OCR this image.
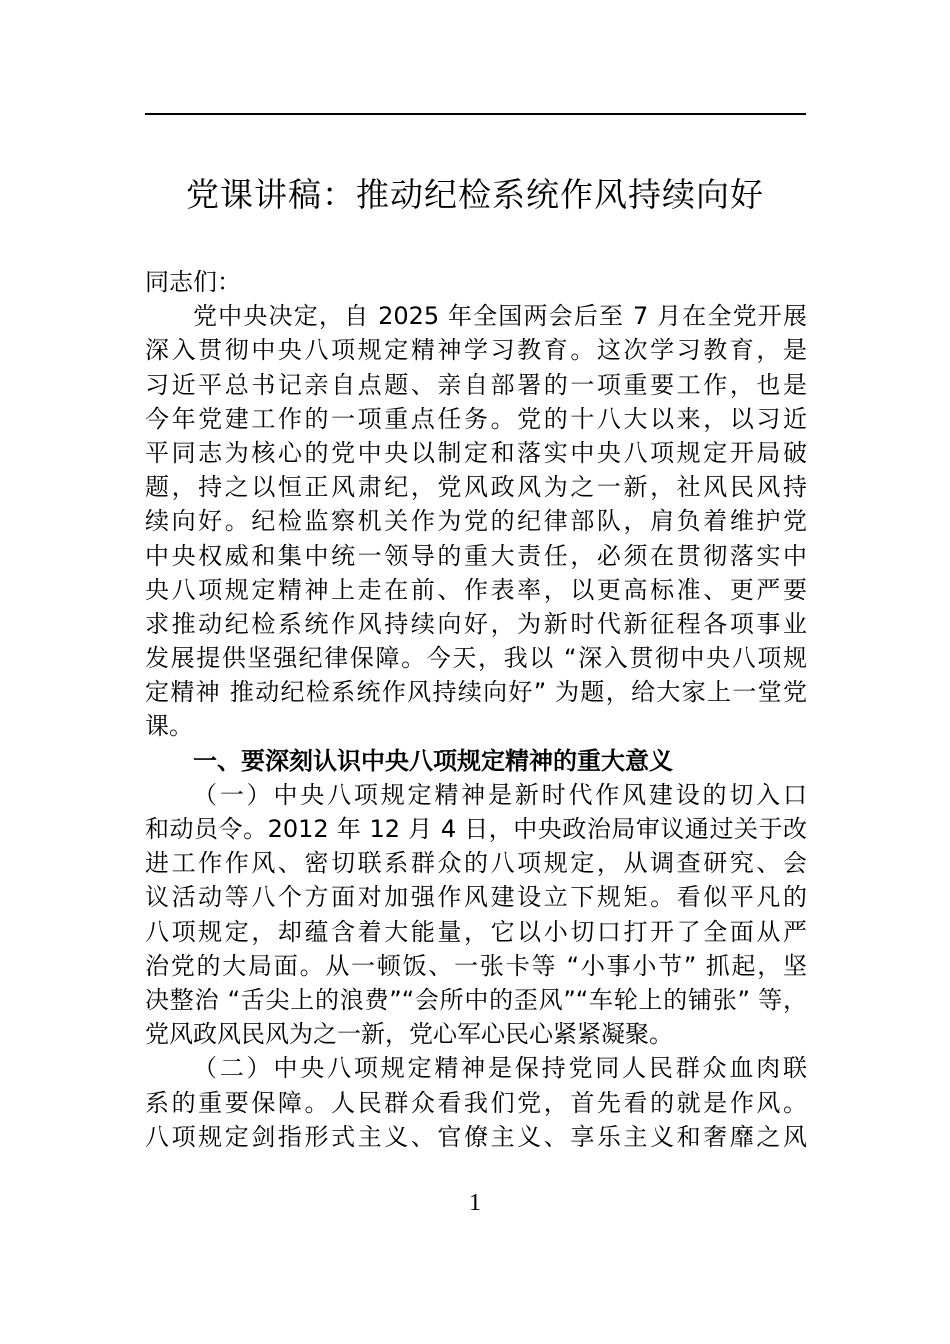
党课讲稿：推动纪检系统作风持续向好
同志们：
党中央决定，自 2025 年全国两会后至 7 月在全党开展
深入贯彻中央八项规定精神学习教育。这次学习教育，是
习近平总书记亲自点题、亲自部署的一项重要工作，也是
今年党建工作的一项重点任务。党的十八大以来，以习近
平同志为核心的党中央以制定和落实中央八项规定开局破
题，持之以恒正风肃纪，党风政风为之一新，社风民风持
续向好。纪检监察机关作为党的纪律部队，肩负着维护党
中央权威和集中统一领导的重大责任，必须在贯彻落实中
央八项规定精神上走在前、作表率，以更高标准、更严要
求推动纪检系统作风持续向好，为新时代新征程各项事业
发展提供坚强纪律保障。今天，我以 “深入贯彻中央八项规
定精神 推动纪检系统作风持续向好” 为题，给大家上一堂党
课。
一、要深刻认识中央八项规定精神的重大意义
（一）中央八项规定精神是新时代作风建设的切入口
和动员令。2012 年 12 月 4 日，中央政治局审议通过关于改
进工作作风、密切联系群众的八项规定，从调查研究、会
议活动等八个方面对加强作风建设立下规矩。看似平凡的
八项规定，却蕴含着大能量，它以小切口打开了全面从严
治党的大局面。从一顿饭、一张卡等 “小事小节” 抓起，坚
决整治 “舌尖上的浪费”“会所中的歪风”“车轮上的铺张” 等，
党风政风民风为之一新，党心军心民心紧紧凝聚。
（二）中央八项规定精神是保持党同人民群众血肉联
系的重要保障。人民群众看我们党，首先看的就是作风。
八项规定剑指形式主义、官僚主义、享乐主义和奢靡之风
1
